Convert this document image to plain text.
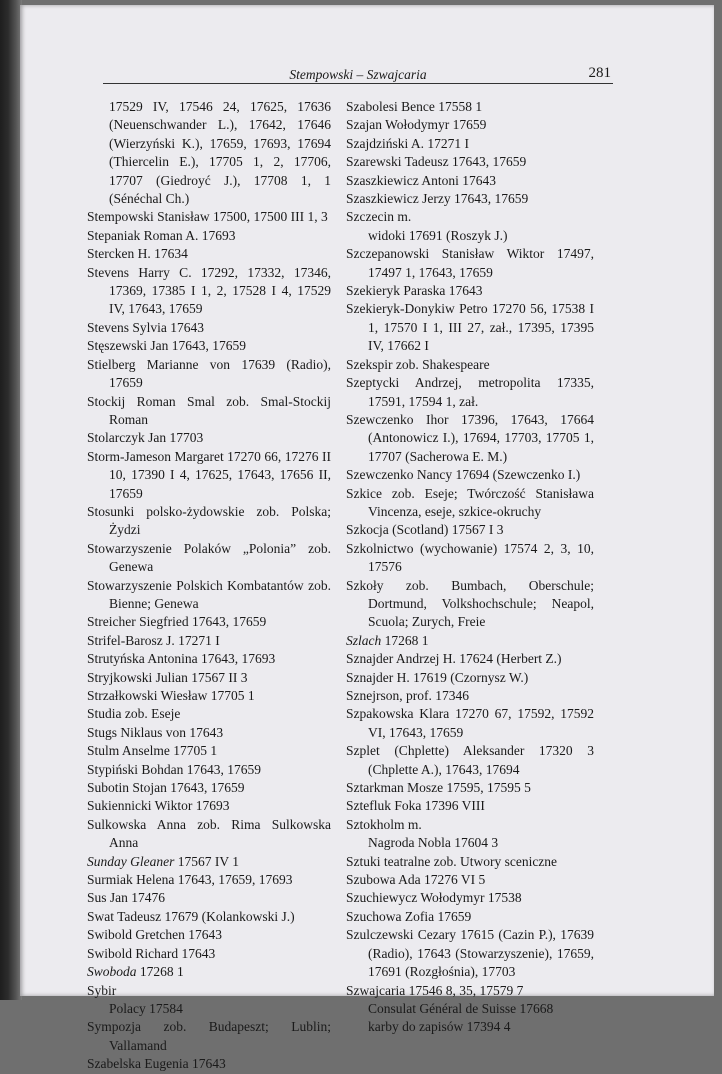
Stempowski – Szwajcaria	281
17529 IV, 17546 24, 17625, 17636 (Neuenschwander L.), 17642, 17646 (Wierzyński K.), 17659, 17693, 17694 (Thiercelin E.), 17705 1, 2, 17706, 17707 (Giedroyć J.), 17708 1, 1 (Sénéchal Ch.)
Stempowski Stanisław 17500, 17500 III 1, 3
Stepaniak Roman A. 17693
Stercken H. 17634
Stevens Harry C. 17292, 17332, 17346, 17369, 17385 I 1, 2, 17528 I 4, 17529 IV, 17643, 17659
Stevens Sylvia 17643
Stęszewski Jan 17643, 17659
Stielberg Marianne von 17639 (Radio), 17659
Stockij Roman Smal zob. Smal-Stockij Roman
Stolarczyk Jan 17703
Storm-Jameson Margaret 17270 66, 17276 II 10, 17390 I 4, 17625, 17643, 17656 II, 17659
Stosunki polsko-żydowskie zob. Polska; Żydzi
Stowarzyszenie Polaków „Polonia” zob. Genewa
Stowarzyszenie Polskich Kombatantów zob. Bienne; Genewa
Streicher Siegfried 17643, 17659
Strifel-Barosz J. 17271 I
Strutyńska Antonina 17643, 17693
Stryjkowski Julian 17567 II 3
Strzałkowski Wiesław 17705 1
Studia zob. Eseje
Stugs Niklaus von 17643
Stulm Anselme 17705 1
Stypiński Bohdan 17643, 17659
Subotin Stojan 17643, 17659
Sukiennicki Wiktor 17693
Sulkowska Anna zob. Rima Sulkowska Anna
Sunday Gleaner 17567 IV 1
Surmiak Helena 17643, 17659, 17693
Sus Jan 17476
Swat Tadeusz 17679 (Kolankowski J.)
Swibold Gretchen 17643
Swibold Richard 17643
Swoboda 17268 1
Sybir
Polacy 17584
Sympozja zob. Budapeszt; Lublin; Vallamand
Szabelska Eugenia 17643
Szabolesi Bence 17558 1
Szajan Wołodymyr 17659
Szajdziński A. 17271 I
Szarewski Tadeusz 17643, 17659
Szaszkiewicz Antoni 17643
Szaszkiewicz Jerzy 17643, 17659
Szczecin m.
widoki 17691 (Roszyk J.)
Szczepanowski Stanisław Wiktor 17497, 17497 1, 17643, 17659
Szekieryk Paraska 17643
Szekieryk-Donykiw Petro 17270 56, 17538 I 1, 17570 I 1, III 27, zał., 17395, 17395 IV, 17662 I
Szekspir zob. Shakespeare
Szeptycki Andrzej, metropolita 17335, 17591, 17594 1, zał.
Szewczenko Ihor 17396, 17643, 17664 (Antonowicz I.), 17694, 17703, 17705 1, 17707 (Sacherowa E. M.)
Szewczenko Nancy 17694 (Szewczenko I.)
Szkice zob. Eseje; Twórczość Stanisława Vincenza, eseje, szkice-okruchy
Szkocja (Scotland) 17567 I 3
Szkolnictwo (wychowanie) 17574 2, 3, 10, 17576
Szkoły zob. Bumbach, Oberschule; Dortmund, Volkshochschule; Neapol, Scuola; Zurych, Freie
Szlach 17268 1
Sznajder Andrzej H. 17624 (Herbert Z.)
Sznajder H. 17619 (Czornysz W.)
Sznejrson, prof. 17346
Szpakowska Klara 17270 67, 17592, 17592 VI, 17643, 17659
Szplet (Chplette) Aleksander 17320 3 (Chplette A.), 17643, 17694
Sztarkman Mosze 17595, 17595 5
Sztefluk Foka 17396 VIII
Sztokholm m.
Nagroda Nobla 17604 3
Sztuki teatralne zob. Utwory sceniczne
Szubowa Ada 17276 VI 5
Szuchiewycz Wołodymyr 17538
Szuchowa Zofia 17659
Szulczewski Cezary 17615 (Cazin P.), 17639 (Radio), 17643 (Stowarzyszenie), 17659, 17691 (Rozgłośnia), 17703
Szwajcaria 17546 8, 35, 17579 7
Consulat Général de Suisse 17668
karby do zapisów 17394 4
